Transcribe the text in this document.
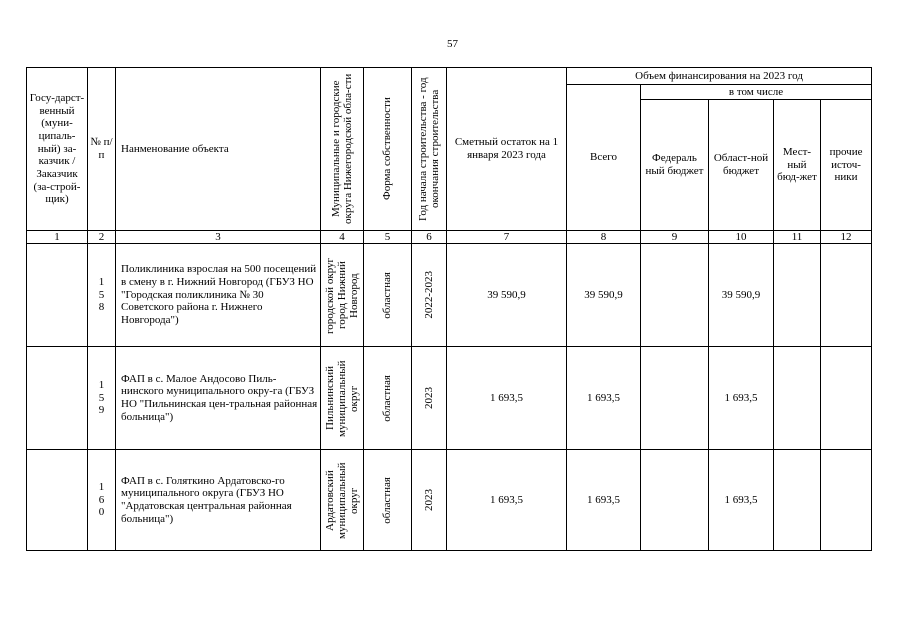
57
Госу-дарст-венный (муни-ципаль-ный) за-казчик / Заказчик (за-строй-щик)	№ п/п	Нанменование объекта	Муниципальные и городские округа Нижегородской обла-сти	Форма собственности	Год начала строительства - год окончания строительства	Сметный остаток на 1 января 2023 года	Объем финансирования на 2023 год				
							Всего	в том числе			
								Федераль ный бюджет	Област-ной бюджет	Мест-ный бюд-жет	прочие источ-ники
1	2	3	4	5	6	7	8	9	10	11	12

	15 8	Поликлиника взрослая на 500 посещений в смену в г. Нижний Новгород (ГБУЗ НО "Городская поликлиника № 30 Советского района г. Нижнего Новгорода")	городской округ город Нижний Новгород	областная	2022-2023	39 590,9	39 590,9		39 590,9		

	15 9	ФАП в с. Малое Андосово Пиль-нинского муниципального окру-га (ГБУЗ НО "Пильнинская цен-тральная районная больница")	Пильнинский муниципальный округ	областная	2023	1 693,5	1 693,5		1 693,5		

	16 0	ФАП в с. Голяткино Ардатовско-го муниципального округа (ГБУЗ НО "Ардатовская центральная районная больница")	Ардатовский муниципальный округ	областная	2023	1 693,5	1 693,5		1 693,5		
